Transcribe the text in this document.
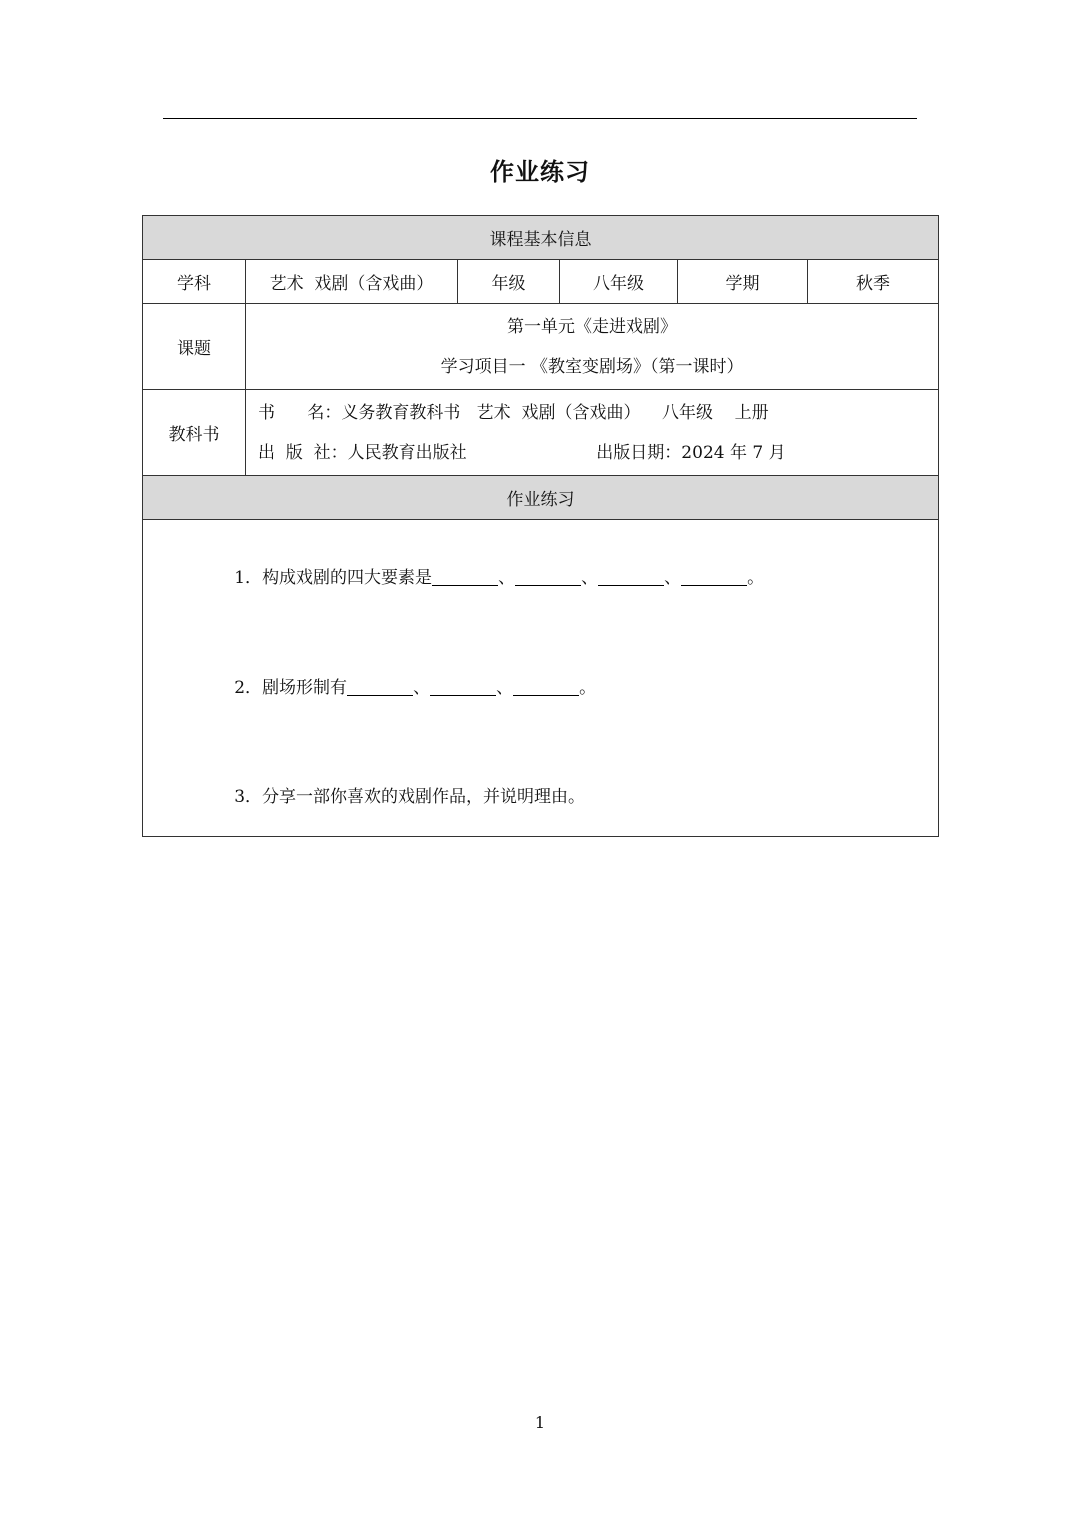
作业练习
课程基本信息					
学科	艺术  戏剧（含戏曲）	年级	八年级	学期	秋季
课题	第一单元《走进戏剧》
学习项目一 《教室变剧场》（第一课时）				

教科书	书      名：义务教育教科书   艺术  戏剧（含戏曲）    八年级    上册
出  版  社：人民教育出版社                        出版日期：2024 年 7 月				

作业练习					

1．构成戏剧的四大要素是 、 、 、 。

2．剧场形制有 、 、 。

3．分享一部你喜欢的戏剧作品，并说明理由。					

1
